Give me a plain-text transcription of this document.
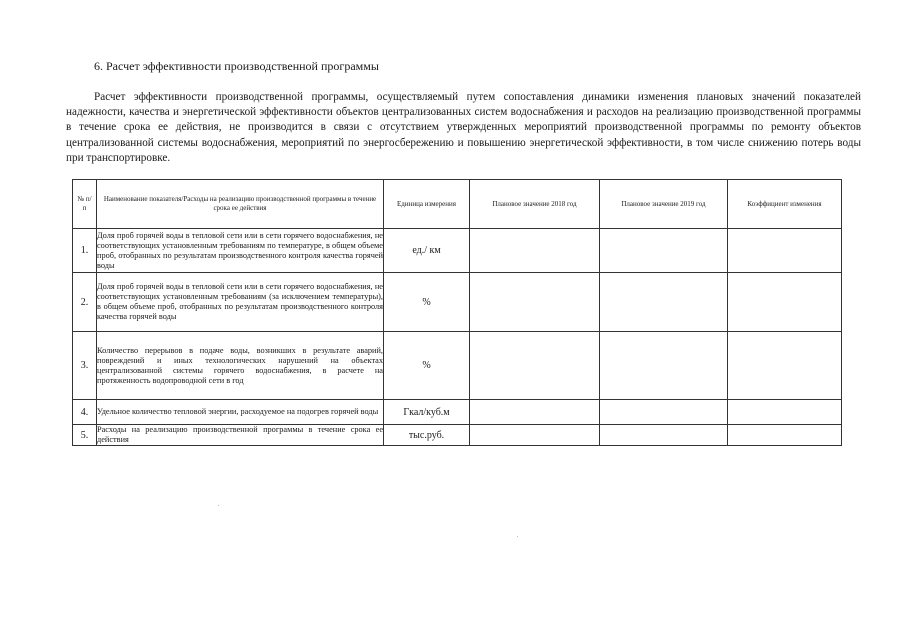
6. Расчет эффективности производственной программы

Расчет эффективности производственной программы, осуществляемый путем сопоставления динамики изменения плановых значений показателей надежности, качества и энергетической эффективности объектов централизованных систем водоснабжения и расходов на реализацию производственной программы в течение срока ее действия, не производится в связи с отсутствием утвержденных мероприятий производственной программы по ремонту объектов централизованной системы водоснабжения, мероприятий по энергосбережению и повышению энергетической эффективности, в том числе снижению потерь воды при транспортировке.

№ п/п	Наименование показателя/Расходы на реализацию производственной программы в течение срока ее действия	Единица измерения	Плановое значение 2018 год	Плановое значение 2019 год	Коэффициент изменения
1.	Доля проб горячей воды в тепловой сети или в сети горячего водоснабжения, не соответствующих установленным требованиям по температуре, в общем объеме проб, отобранных по результатам производственного контроля качества горячей воды	ед./ км			
2.	Доля проб горячей воды в тепловой сети или в сети горячего водоснабжения, не соответствующих установленным требованиям (за исключением температуры), в общем объеме проб, отобранных по результатам производственного контроля качества горячей воды	%			
3.	Количество перерывов в подаче воды, возникших в результате аварий, повреждений и иных технологических нарушений на объектах централизованной системы горячего водоснабжения, в расчете на протяженность водопроводной сети в год	%			
4.	Удельное количество тепловой энергии, расходуемое на подогрев горячей воды	Гкал/куб.м			
5.	Расходы на реализацию производственной программы в течение срока ее действия	тыс.руб.			
